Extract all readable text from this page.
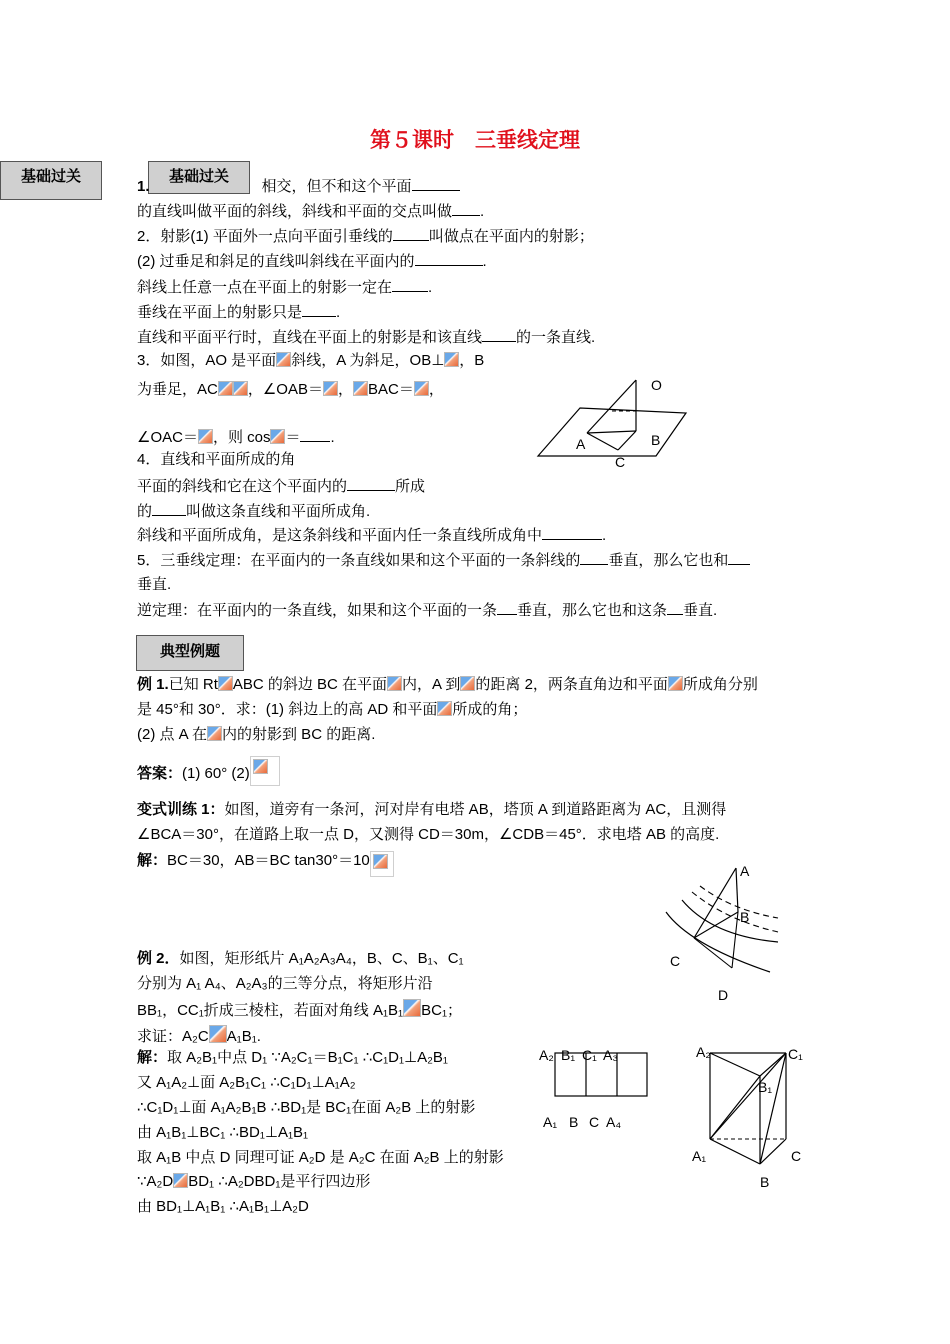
第５课时　三垂线定理
基础过关	基础过关
1.	相交，但不和这个平面
的直线叫做平面的斜线，斜线和平面的交点叫做 .
2．射影(1) 平面外一点向平面引垂线的 叫做点在平面内的射影；
(2) 过垂足和斜足的直线叫斜线在平面内的	.
斜线上任意一点在平面上的射影一定在 .
垂线在平面上的射影只是 .
直线和平面平行时，直线在平面上的射影是和该直线 的一条直线.
3．如图，AO 是平面 斜线，A 为斜足，OB⊥ ，B
为垂足，AC ，∠OAB＝ ， BAC＝ ，
∠OAC＝ ，则 cos ＝ .
O
A	B
C
4．直线和平面所成的角
平面的斜线和它在这个平面内的	所成
的 叫做这条直线和平面所成角.
斜线和平面所成角，是这条斜线和平面内任一条直线所成角中	.
5．三垂线定理：在平面内的一条直线如果和这个平面的一条斜线的 垂直，那么它也和
垂直.
逆定理：在平面内的一条直线，如果和这个平面的一条 垂直，那么它也和这条 垂直.
典型例题
例 1.已知 Rt ABC 的斜边 BC 在平面 内，A 到 的距离 2，两条直角边和平面 所成角分别
是 45°和 30°．求：(1) 斜边上的高 AD 和平面 所成的角；
(2) 点 A 在 内的射影到 BC 的距离.
答案：(1) 60° (2)
变式训练 1：如图，道旁有一条河，河对岸有电塔 AB，塔顶 A 到道路距离为 AC，且测得
∠BCA＝30°，在道路上取一点 D，又测得 CD＝30m，∠CDB＝45°．求电塔 AB 的高度.
解：BC＝30，AB＝BC tan30°＝10
A
B
C
D
例 2．如图，矩形纸片 A₁A₂A₃A₄，B、C、B₁、C₁
分别为 A₁ A₄、A₂A₃的三等分点，将矩形片沿
BB₁，CC₁折成三棱柱，若面对角线 A₁B₁ BC₁；
求证：A₂C A₁B₁.
解：取 A₂B₁中点 D₁ ∵A₂C₁＝B₁C₁ ∴C₁D₁⊥A₂B₁
又 A₁A₂⊥面 A₂B₁C₁ ∴C₁D₁⊥A₁A₂
∴C₁D₁⊥面 A₁A₂B₁B ∴BD₁是 BC₁在面 A₂B 上的射影
由 A₁B₁⊥BC₁ ∴BD₁⊥A₁B₁
取 A₁B 中点 D 同理可证 A₂D 是 A₂C 在面 A₂B 上的射影
∵A₂D BD₁ ∴A₂DBD₁是平行四边形
由 BD₁⊥A₁B₁ ∴A₁B₁⊥A₂D
A₂ B₁ C₁ A₃
A₁ B C A₄
A₂	C₁
B₁
A₁	C
B
